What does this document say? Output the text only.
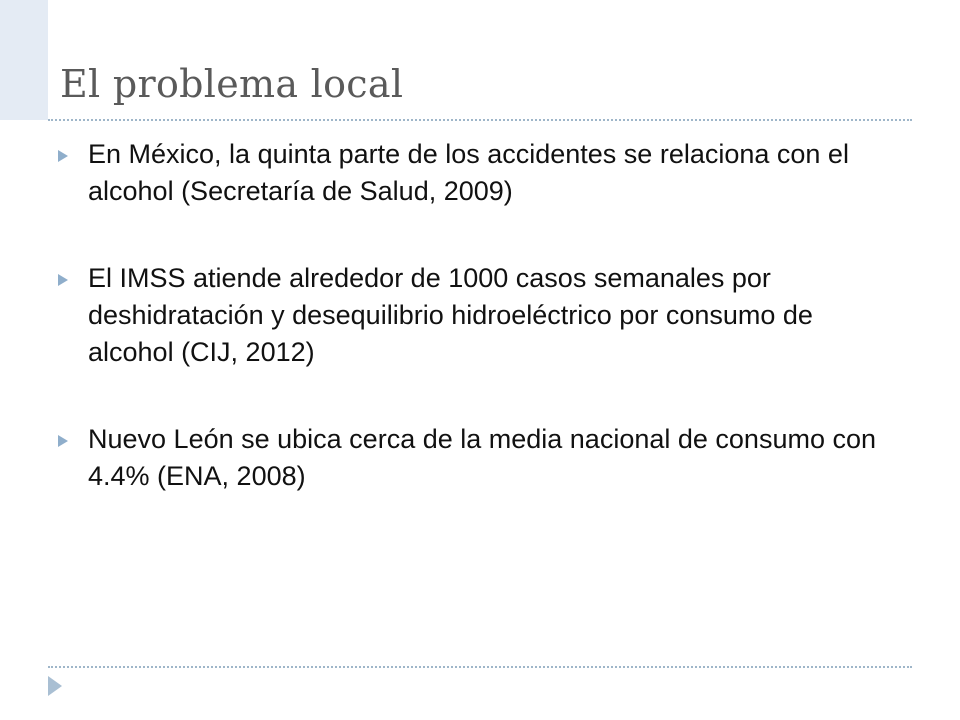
El problema local
En México, la quinta parte de los accidentes se relaciona con el alcohol (Secretaría de Salud, 2009)
El IMSS atiende alrededor de 1000 casos semanales por deshidratación y desequilibrio hidroeléctrico por consumo de alcohol (CIJ, 2012)
Nuevo León se ubica cerca de la media nacional de consumo con 4.4% (ENA, 2008)
